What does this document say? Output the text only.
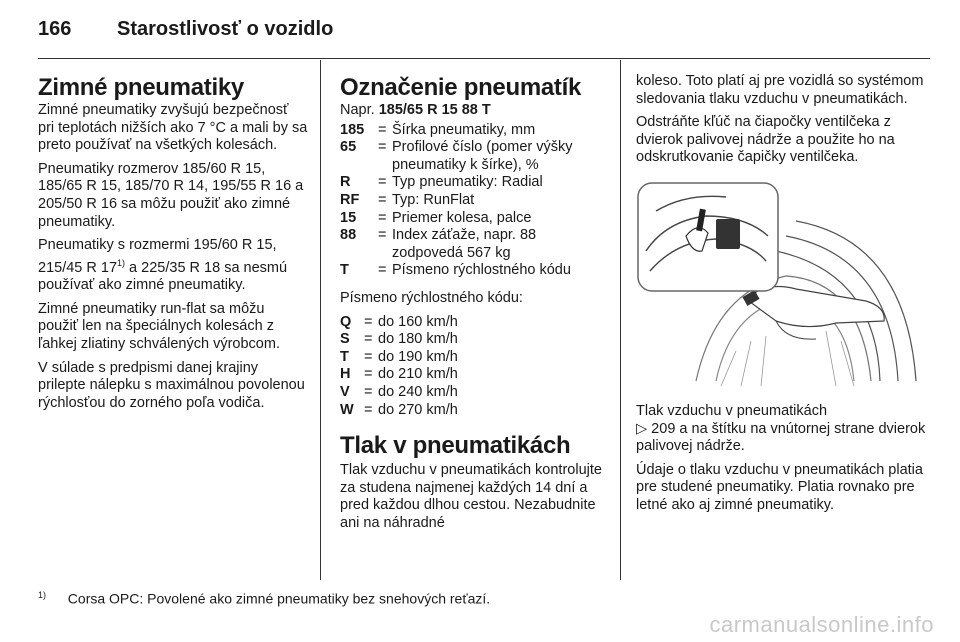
166 Starostlivosť o vozidlo
Zimné pneumatiky

Zimné pneumatiky zvyšujú bezpečnosť pri teplotách nižších ako 7 °C a mali by sa preto používať na všetkých kolesách.

Pneumatiky rozmerov 185/60 R 15, 185/65 R 15, 185/70 R 14, 195/55 R 16 a 205/50 R 16 sa môžu použiť ako zimné pneumatiky.

Pneumatiky s rozmermi 195/60 R 15, 215/45 R 17$^{1)}$ a 225/35 R 18 sa nesmú používať ako zimné pneumatiky.

Zimné pneumatiky run-flat sa môžu použiť len na špeciálnych kolesách z ľahkej zliatiny schválených výrobcom.

V súlade s predpismi danej krajiny prilepte nálepku s maximálnou povolenou rýchlosťou do zorného poľa vodiča.

Označenie pneumatík

Napr. 185/65 R 15 88 T

185 = Šírka pneumatiky, mm
65	= Profilové číslo (pomer výšky pneumatiky k šírke), %
R	= Typ pneumatiky: Radial
RF	= Typ: RunFlat
15	= Priemer kolesa, palce
88	= Index záťaže, napr. 88 zodpovedá 567 kg
T	= Písmeno rýchlostného kódu

Písmeno rýchlostného kódu:

Q = do 160 km/h
S = do 180 km/h
T	= do 190 km/h
H = do 210 km/h
V = do 240 km/h
W = do 270 km/h
Tlak v pneumatikách

Tlak vzduchu v pneumatikách kontrolujte za studena najmenej každých 14 dní a pred každou dlhou cestou. Nezabudnite ani na náhradné

koleso. Toto platí aj pre vozidlá so systémom sledovania tlaku vzduchu v pneumatikách.

Odstráňte kľúč na čiapočky ventilčeka z dvierok palivovej nádrže a použite ho na odskrutkovanie čapičky ventilčeka.

Tlak vzduchu v pneumatikách
▷ 209 a na štítku na vnútornej strane dvierok palivovej nádrže.

Údaje o tlaku vzduchu v pneumatikách platia pre studené pneumatiky. Platia rovnako pre letné ako aj zimné pneumatiky.

$^{1)}$ Corsa OPC: Povolené ako zimné pneumatiky bez snehových reťazí.
carmanualsonline.info
